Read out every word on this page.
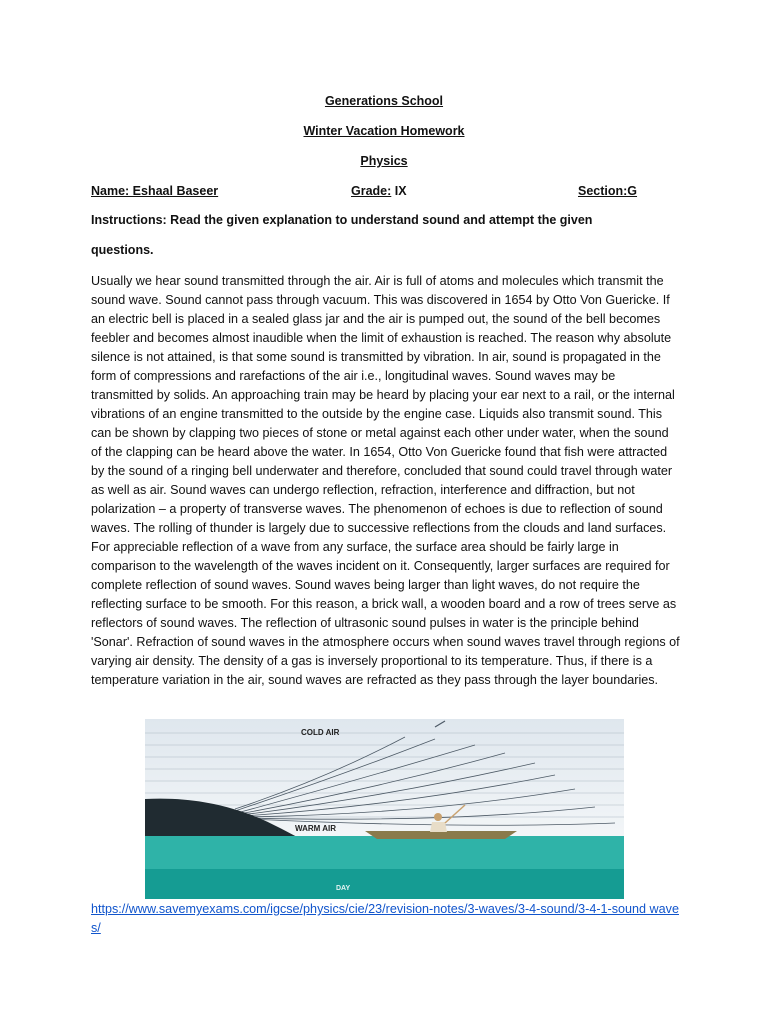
Generations School
Winter Vacation Homework
Physics
Name: Eshaal Baseer	Grade: IX	Section:G
Instructions: Read the given explanation to understand sound and attempt the given
questions.

Usually we hear sound transmitted through the air. Air is full of atoms and molecules which transmit the sound wave. Sound cannot pass through vacuum. This was discovered in 1654 by Otto Von Guericke. If an electric bell is placed in a sealed glass jar and the air is pumped out, the sound of the bell becomes feebler and becomes almost inaudible when the limit of exhaustion is reached. The reason why absolute silence is not attained, is that some sound is transmitted by vibration. In air, sound is propagated in the form of compressions and rarefactions of the air i.e., longitudinal waves. Sound waves may be transmitted by solids. An approaching train may be heard by placing your ear next to a rail, or the internal vibrations of an engine transmitted to the outside by the engine case. Liquids also transmit sound. This can be shown by clapping two pieces of stone or metal against each other under water, when the sound of the clapping can be heard above the water. In 1654, Otto Von Guericke found that fish were attracted by the sound of a ringing bell underwater and therefore, concluded that sound could travel through water as well as air. Sound waves can undergo reflection, refraction, interference and diffraction, but not polarization – a property of transverse waves. The phenomenon of echoes is due to reflection of sound waves. The rolling of thunder is largely due to successive reflections from the clouds and land surfaces. For appreciable reflection of a wave from any surface, the surface area should be fairly large in comparison to the wavelength of the waves incident on it. Consequently, larger surfaces are required for complete reflection of sound waves. Sound waves being larger than light waves, do not require the reflecting surface to be smooth. For this reason, a brick wall, a wooden board and a row of trees serve as reflectors of sound waves. The reflection of ultrasonic sound pulses in water is the principle behind 'Sonar'. Refraction of sound waves in the atmosphere occurs when sound waves travel through regions of varying air density. The density of a gas is inversely proportional to its temperature. Thus, if there is a temperature variation in the air, sound waves are refracted as they pass through the layer boundaries.

COLD AIR
WARM AIR
DAY
https://www.savemyexams.com/igcse/physics/cie/23/revision-notes/3-waves/3-4-sound/3-4-1-sound waves/
